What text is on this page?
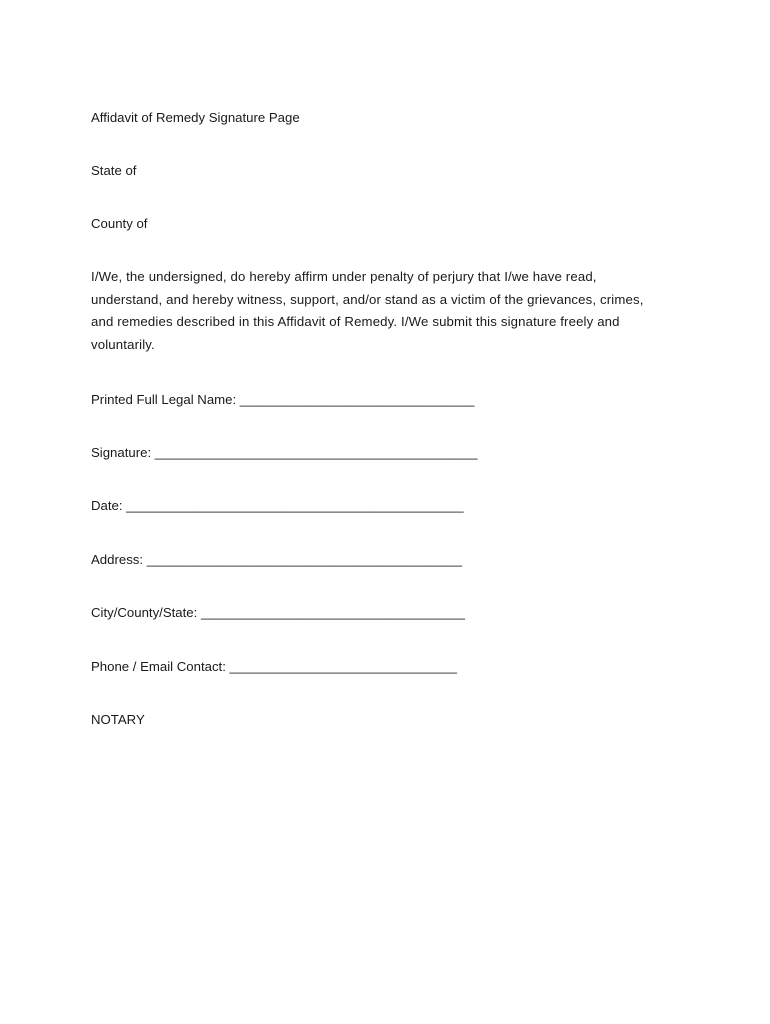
Affidavit of Remedy Signature Page
State of
County of
I/We, the undersigned, do hereby affirm under penalty of perjury that I/we have read,
understand, and hereby witness, support, and/or stand as a victim of the grievances, crimes,
and remedies described in this Affidavit of Remedy. I/We submit this signature freely and
voluntarily.
Printed Full Legal Name: ________________________________
Signature: ____________________________________________
Date: ______________________________________________
Address: ___________________________________________
City/County/State: ____________________________________
Phone / Email Contact: _______________________________
NOTARY
